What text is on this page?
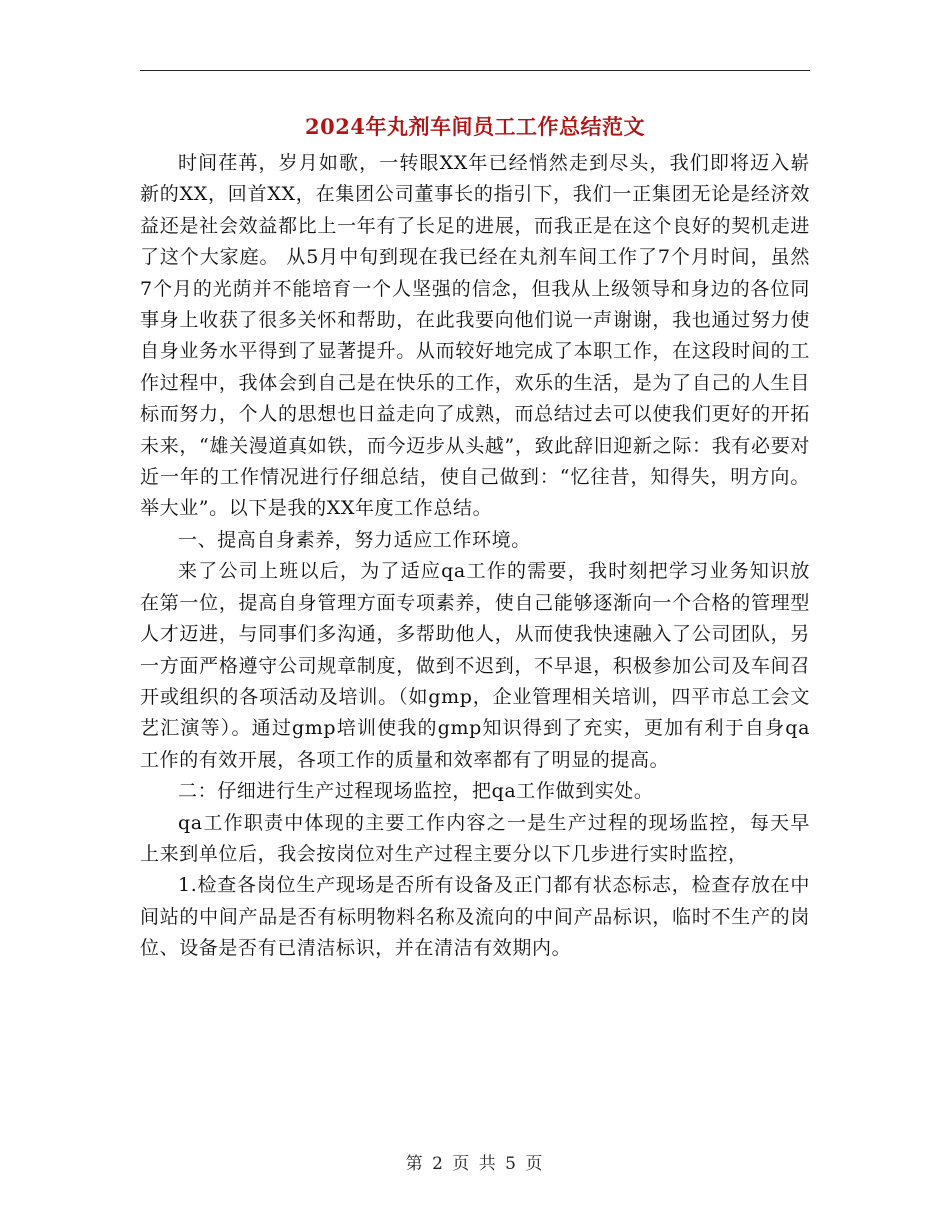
2024年丸剂车间员工工作总结范文

时间荏苒，岁月如歌，一转眼XX年已经悄然走到尽头，我们即将迈入崭新的XX，回首XX，在集团公司董事长的指引下，我们一正集团无论是经济效益还是社会效益都比上一年有了长足的进展，而我正是在这个良好的契机走进了这个大家庭。 从5月中旬到现在我已经在丸剂车间工作了7个月时间，虽然7个月的光荫并不能培育一个人坚强的信念，但我从上级领导和身边的各位同事身上收获了很多关怀和帮助，在此我要向他们说一声谢谢，我也通过努力使自身业务水平得到了显著提升。从而较好地完成了本职工作，在这段时间的工作过程中，我体会到自己是在快乐的工作，欢乐的生活，是为了自己的人生目标而努力，个人的思想也日益走向了成熟，而总结过去可以使我们更好的开拓未来，“雄关漫道真如铁，而今迈步从头越”，致此辞旧迎新之际：我有必要对近一年的工作情况进行仔细总结，使自己做到：“忆往昔，知得失，明方向。举大业”。以下是我的XX年度工作总结。

一、提高自身素养，努力适应工作环境。

来了公司上班以后，为了适应qa工作的需要，我时刻把学习业务知识放在第一位，提高自身管理方面专项素养，使自己能够逐渐向一个合格的管理型人才迈进，与同事们多沟通，多帮助他人，从而使我快速融入了公司团队，另一方面严格遵守公司规章制度，做到不迟到，不早退，积极参加公司及车间召开或组织的各项活动及培训。（如gmp，企业管理相关培训，四平市总工会文艺汇演等）。通过gmp培训使我的gmp知识得到了充实，更加有利于自身qa工作的有效开展，各项工作的质量和效率都有了明显的提高。

二：仔细进行生产过程现场监控，把qa工作做到实处。

qa工作职责中体现的主要工作内容之一是生产过程的现场监控，每天早上来到单位后，我会按岗位对生产过程主要分以下几步进行实时监控，

1.检查各岗位生产现场是否所有设备及正门都有状态标志，检查存放在中间站的中间产品是否有标明物料名称及流向的中间产品标识，临时不生产的岗位、设备是否有已清洁标识，并在清洁有效期内。

第 2 页 共 5 页
